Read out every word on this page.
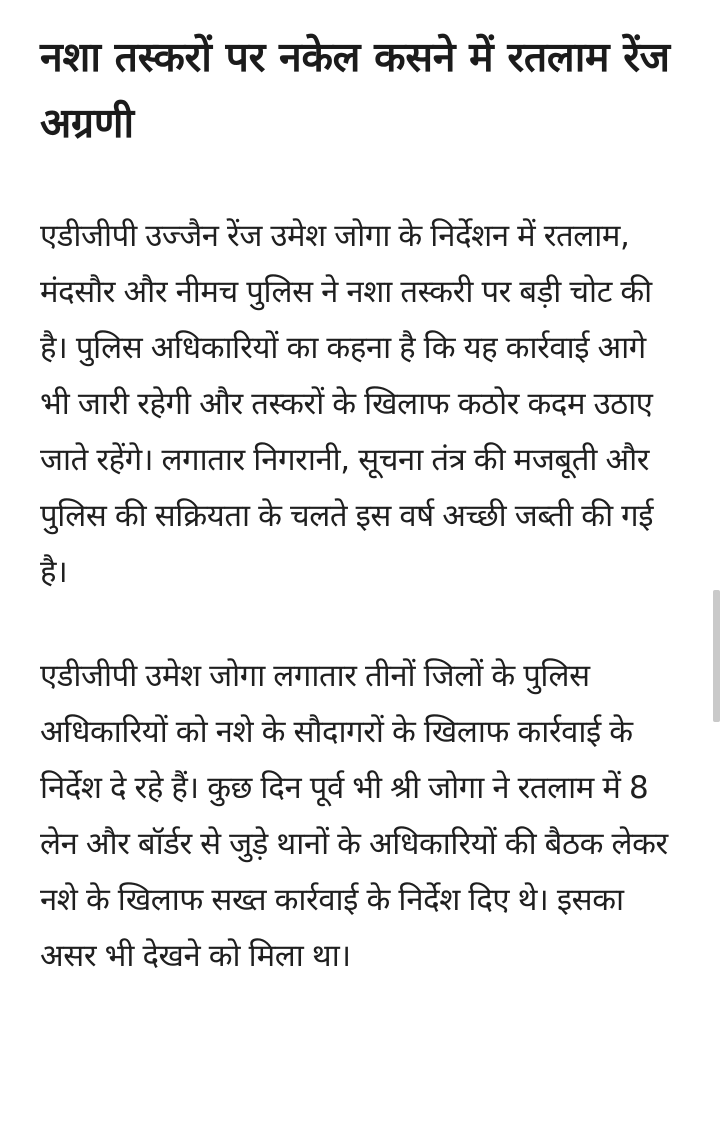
नशा तस्करों पर नकेल कसने में रतलाम रेंज अग्रणी

एडीजीपी उज्जैन रेंज उमेश जोगा के निर्देशन में रतलाम, मंदसौर और नीमच पुलिस ने नशा तस्करी पर बड़ी चोट की है। पुलिस अधिकारियों का कहना है कि यह कार्रवाई आगे भी जारी रहेगी और तस्करों के खिलाफ कठोर कदम उठाए जाते रहेंगे। लगातार निगरानी, सूचना तंत्र की मजबूती और पुलिस की सक्रियता के चलते इस वर्ष अच्छी जब्ती की गई है।

एडीजीपी उमेश जोगा लगातार तीनों जिलों के पुलिस अधिकारियों को नशे के सौदागरों के खिलाफ कार्रवाई के निर्देश दे रहे हैं। कुछ दिन पूर्व भी श्री जोगा ने रतलाम में 8 लेन और बॉर्डर से जुड़े थानों के अधिकारियों की बैठक लेकर नशे के खिलाफ सख्त कार्रवाई के निर्देश दिए थे। इसका असर भी देखने को मिला था।
